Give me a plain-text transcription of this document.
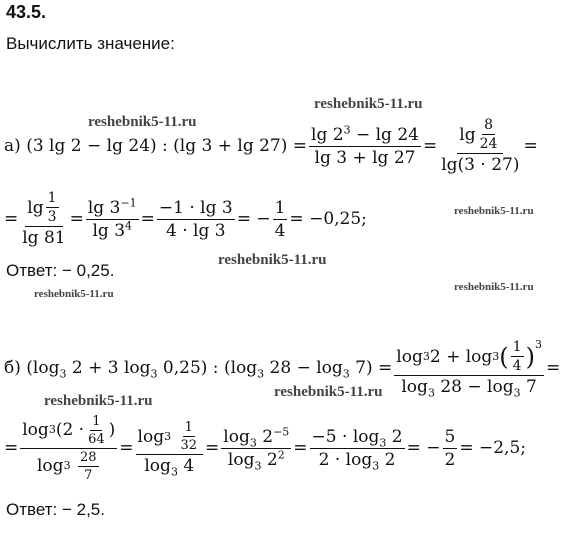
43.5.
Вычислить значение:
reshebnik5-11.ru
reshebnik5-11.ru
reshebnik5-11.ru
reshebnik5-11.ru
reshebnik5-11.ru
reshebnik5-11.ru
reshebnik5-11.ru
reshebnik5-11.ru
а)
(3 lg 2 − lg 24) : (lg $3 + \lg 27) = \frac{\lg 2^3 - \lg 24}{\lg 3 + \lg 27} = \frac{\lg \frac{8}{24}}{\lg(3 \cdot 27)}$ =
= $\frac{\lg \frac{1}{3}}{\lg 81} = \frac{\lg 3^{-1}}{\lg 3^4} = \frac{-1 \cdot \lg 3}{4 \cdot \lg 3}$ = − $\frac{1}{4} = -0,25$;
Ответ: − 0,25.
б)
($\log_3$ 2 + 3 $\log_3 0,25$) : ($\log_3$ $28 - \log_3 7$) =
log 3 2 + log 3 ( $\frac{1}{4} )^3$
$\log_3 28 - \log_3 7$
=
= log 3 ($2 \cdot \frac{1}{64}$ )
log 3
$\frac{28}{7} = \log 3$
$\frac{1}{32}$
$\log_3 4 = \frac{\log_3 2^{-5}}{\log_3 2^2} = \frac{-5 \cdot \log_3 2}{2 \cdot \log_3 2}$ = − $\frac{5}{2} = -2,5$;
Ответ: − 2,5.
